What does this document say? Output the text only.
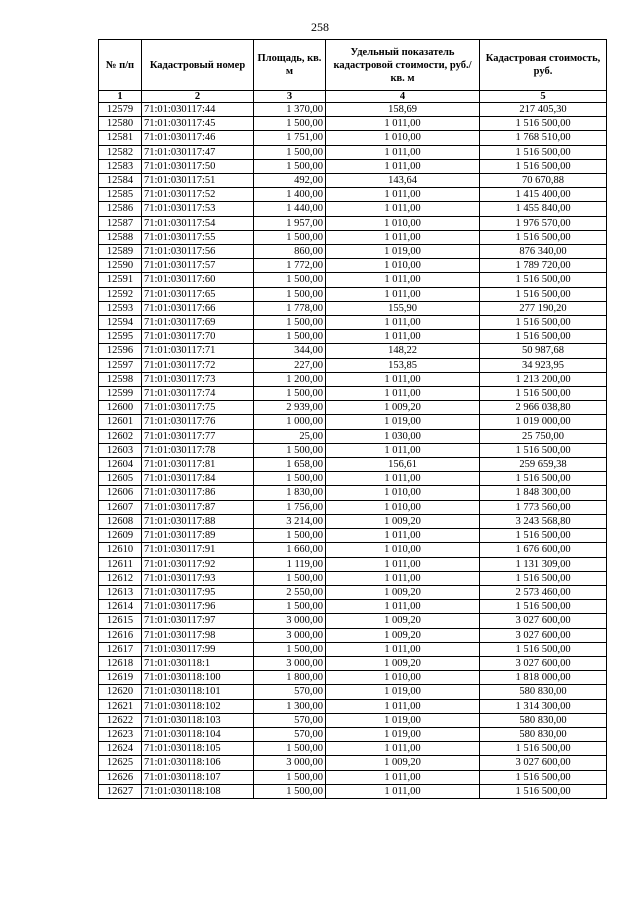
258
№ п/п	Кадастровый номер	Площадь, кв. м	Удельный показатель кадастровой стоимости, руб./кв. м	Кадастровая стоимость, руб.
1	2	3	4	5
12579	71:01:030117:44	1 370,00	158,69	217 405,30
12580	71:01:030117:45	1 500,00	1 011,00	1 516 500,00
12581	71:01:030117:46	1 751,00	1 010,00	1 768 510,00
12582	71:01:030117:47	1 500,00	1 011,00	1 516 500,00
12583	71:01:030117:50	1 500,00	1 011,00	1 516 500,00
12584	71:01:030117:51	492,00	143,64	70 670,88
12585	71:01:030117:52	1 400,00	1 011,00	1 415 400,00
12586	71:01:030117:53	1 440,00	1 011,00	1 455 840,00
12587	71:01:030117:54	1 957,00	1 010,00	1 976 570,00
12588	71:01:030117:55	1 500,00	1 011,00	1 516 500,00
12589	71:01:030117:56	860,00	1 019,00	876 340,00
12590	71:01:030117:57	1 772,00	1 010,00	1 789 720,00
12591	71:01:030117:60	1 500,00	1 011,00	1 516 500,00
12592	71:01:030117:65	1 500,00	1 011,00	1 516 500,00
12593	71:01:030117:66	1 778,00	155,90	277 190,20
12594	71:01:030117:69	1 500,00	1 011,00	1 516 500,00
12595	71:01:030117:70	1 500,00	1 011,00	1 516 500,00
12596	71:01:030117:71	344,00	148,22	50 987,68
12597	71:01:030117:72	227,00	153,85	34 923,95
12598	71:01:030117:73	1 200,00	1 011,00	1 213 200,00
12599	71:01:030117:74	1 500,00	1 011,00	1 516 500,00
12600	71:01:030117:75	2 939,00	1 009,20	2 966 038,80
12601	71:01:030117:76	1 000,00	1 019,00	1 019 000,00
12602	71:01:030117:77	25,00	1 030,00	25 750,00
12603	71:01:030117:78	1 500,00	1 011,00	1 516 500,00
12604	71:01:030117:81	1 658,00	156,61	259 659,38
12605	71:01:030117:84	1 500,00	1 011,00	1 516 500,00
12606	71:01:030117:86	1 830,00	1 010,00	1 848 300,00
12607	71:01:030117:87	1 756,00	1 010,00	1 773 560,00
12608	71:01:030117:88	3 214,00	1 009,20	3 243 568,80
12609	71:01:030117:89	1 500,00	1 011,00	1 516 500,00
12610	71:01:030117:91	1 660,00	1 010,00	1 676 600,00
12611	71:01:030117:92	1 119,00	1 011,00	1 131 309,00
12612	71:01:030117:93	1 500,00	1 011,00	1 516 500,00
12613	71:01:030117:95	2 550,00	1 009,20	2 573 460,00
12614	71:01:030117:96	1 500,00	1 011,00	1 516 500,00
12615	71:01:030117:97	3 000,00	1 009,20	3 027 600,00
12616	71:01:030117:98	3 000,00	1 009,20	3 027 600,00
12617	71:01:030117:99	1 500,00	1 011,00	1 516 500,00
12618	71:01:030118:1	3 000,00	1 009,20	3 027 600,00
12619	71:01:030118:100	1 800,00	1 010,00	1 818 000,00
12620	71:01:030118:101	570,00	1 019,00	580 830,00
12621	71:01:030118:102	1 300,00	1 011,00	1 314 300,00
12622	71:01:030118:103	570,00	1 019,00	580 830,00
12623	71:01:030118:104	570,00	1 019,00	580 830,00
12624	71:01:030118:105	1 500,00	1 011,00	1 516 500,00
12625	71:01:030118:106	3 000,00	1 009,20	3 027 600,00
12626	71:01:030118:107	1 500,00	1 011,00	1 516 500,00
12627	71:01:030118:108	1 500,00	1 011,00	1 516 500,00
